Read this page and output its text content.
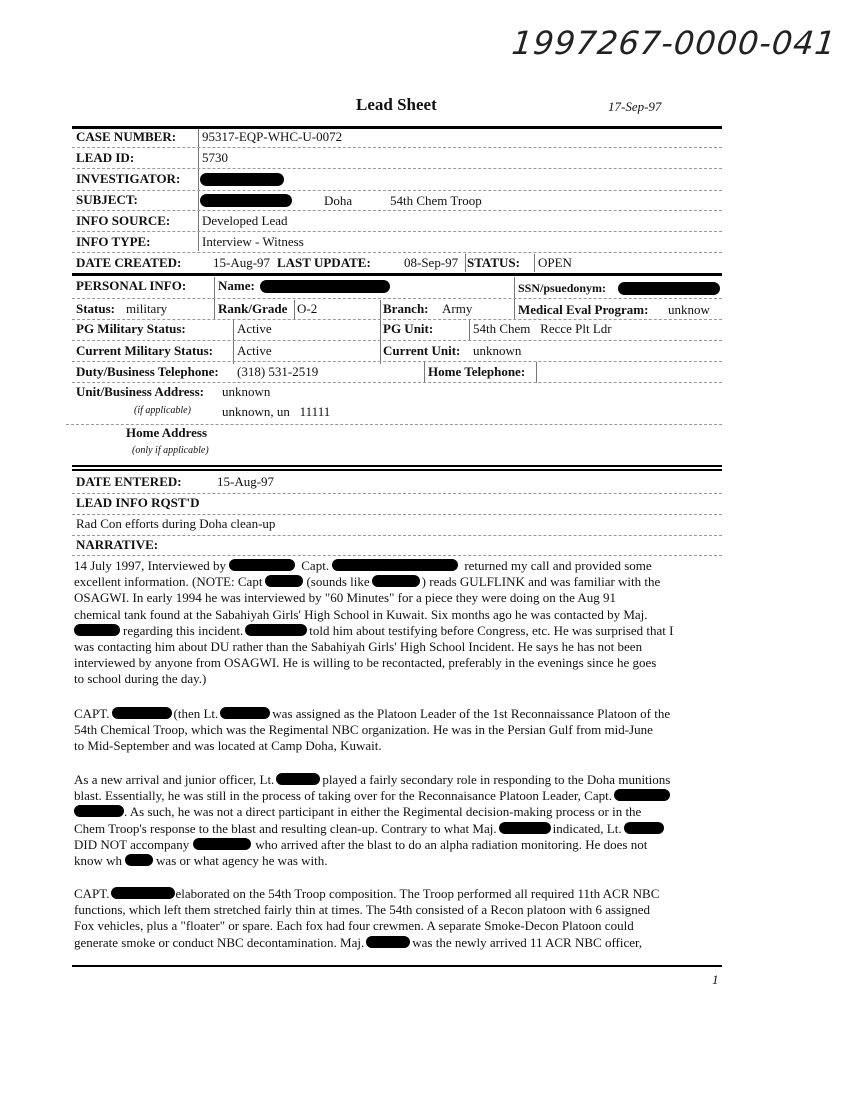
1997267-0000-041
Lead Sheet	17-Sep-97
CASE NUMBER: 95317-EQP-WHC-U-0072
LEAD ID:	5730
INVESTIGATOR:
SUBJECT:	Doha	54th Chem Troop
INFO SOURCE: Developed Lead
INFO TYPE:	Interview - Witness
DATE CREATED: 15-Aug-97 LAST UPDATE:	08-Sep-97 STATUS: OPEN
PERSONAL INFO: Name:	SSN/psuedonym:
Status: military	Rank/Grade O-2	Branch: Army	Medical Eval Program: unknow
PG Military Status:	Active	PG Unit:	54th Chem   Recce Plt Ldr
Current Military Status: Active	Current Unit: unknown
Duty/Business Telephone: (318) 531-2519	Home Telephone:
Unit/Business Address: unknown
(if applicable) unknown, un   11111
Home Address
(only if applicable)
DATE ENTERED:	15-Aug-97
LEAD INFO RQST'D
Rad Con efforts during Doha clean-up
NARRATIVE:

14 July 1997, Interviewed by	Capt.	returned my call and provided some

excellent information. (NOTE: Capt	(sounds like	) reads GULFLINK and was familiar with the

OSAGWI. In early 1994 he was interviewed by "60 Minutes" for a piece they were doing on the Aug 91

chemical tank found at the Sabahiyah Girls' High School in Kuwait. Six months ago he was contacted by Maj.

regarding this incident.	told him about testifying before Congress, etc. He was surprised that I

was contacting him about DU rather than the Sabahiyah Girls' High School Incident. He says he has not been

interviewed by anyone from OSAGWI. He is willing to be recontacted, preferably in the evenings since he goes

to school during the day.)

CAPT.	(then Lt.	was assigned as the Platoon Leader of the 1st Reconnaissance Platoon of the

54th Chemical Troop, which was the Regimental NBC organization. He was in the Persian Gulf from mid-June

to Mid-September and was located at Camp Doha, Kuwait.

As a new arrival and junior officer, Lt.	played a fairly secondary role in responding to the Doha munitions

blast. Essentially, he was still in the process of taking over for the Reconnaisance Platoon Leader, Capt.

. As such, he was not a direct participant in either the Regimental decision-making process or in the

Chem Troop's response to the blast and resulting clean-up. Contrary to what Maj.	indicated, Lt.

DID NOT accompany	who arrived after the blast to do an alpha radiation monitoring. He does not

know wh	was or what agency he was with.

CAPT.	elaborated on the 54th Troop composition. The Troop performed all required 11th ACR NBC

functions, which left them stretched fairly thin at times. The 54th consisted of a Recon platoon with 6 assigned

Fox vehicles, plus a "floater" or spare. Each fox had four crewmen. A separate Smoke-Decon Platoon could

generate smoke or conduct NBC decontamination. Maj.	was the newly arrived 11 ACR NBC officer,

1
